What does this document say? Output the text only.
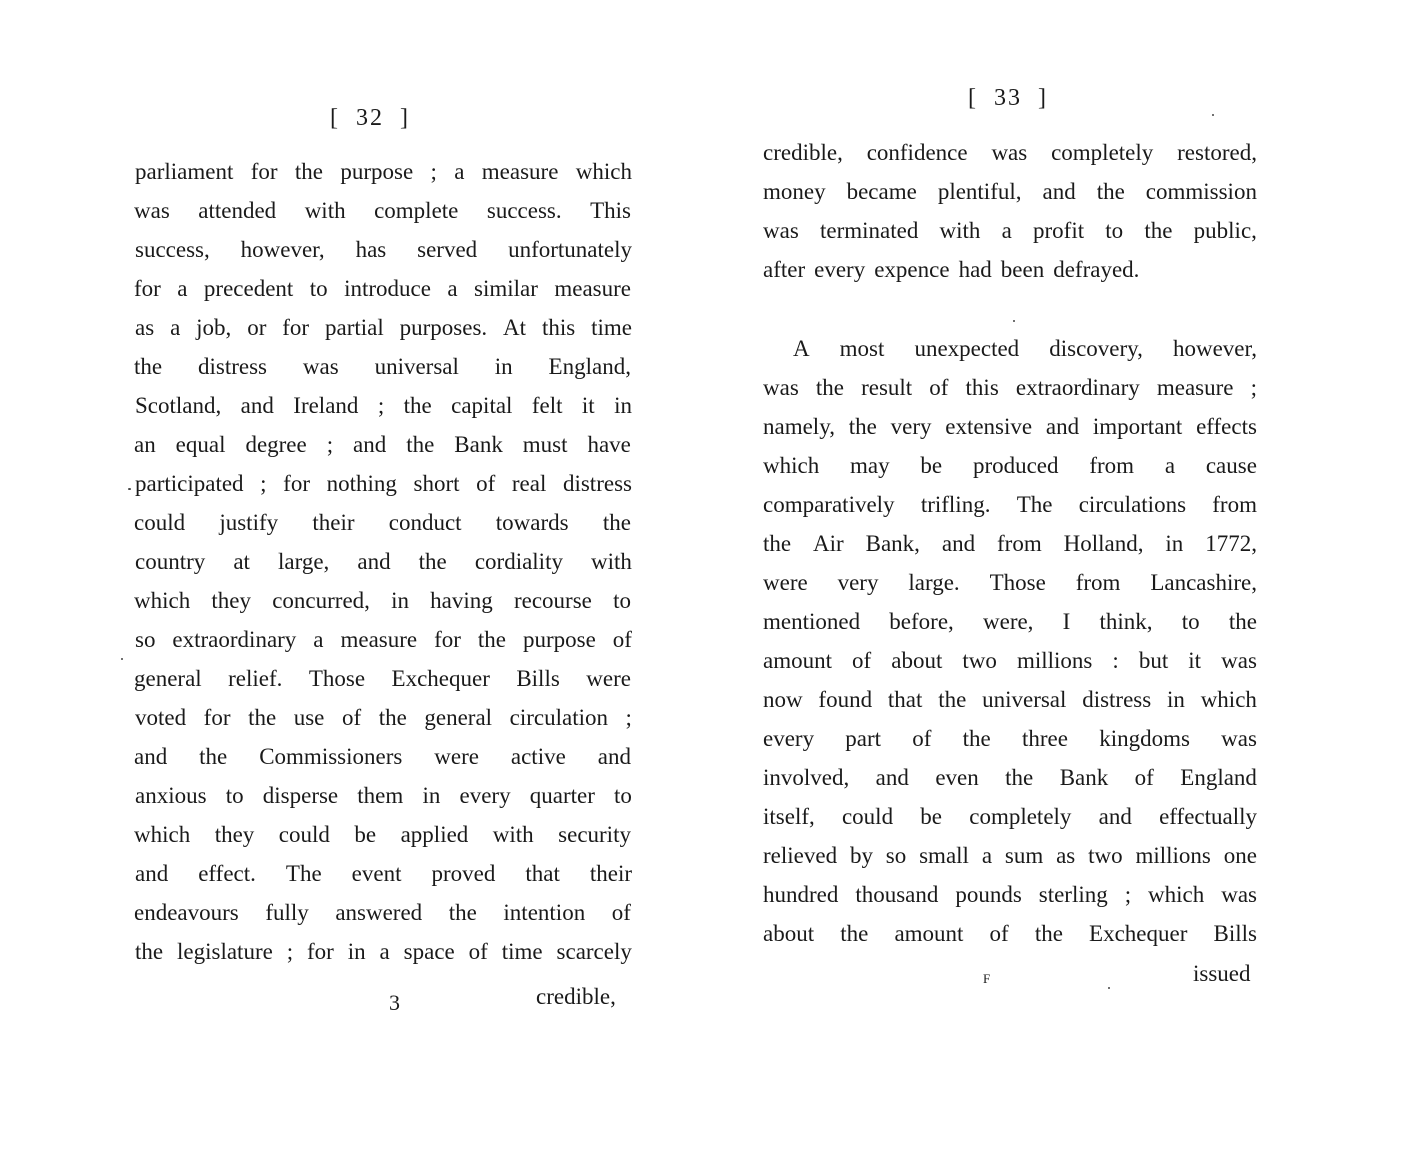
[  32  ]
parliament for the purpose ; a measure which
was attended with complete success. This
success, however, has served unfortunately
for a precedent to introduce a similar measure
as a job, or for partial purposes. At this time
the distress was universal in England,
Scotland, and Ireland ; the capital felt it in
an equal degree ; and the Bank must have
participated ; for nothing short of real distress
could justify their conduct towards the
country at large, and the cordiality with
which they concurred, in having recourse to
so extraordinary a measure for the purpose of
general relief. Those Exchequer Bills were
voted for the use of the general circulation ;
and the Commissioners were active and
anxious to disperse them in every quarter to
which they could be applied with security
and effect. The event proved that their
endeavours fully answered the intention of
the legislature ; for in a space of time scarcely
3	credible,
[  33  ]
credible, confidence was completely restored,
money became plentiful, and the commission
was terminated with a profit to the public,
after every expence had been defrayed.
A most unexpected discovery, however,
was the result of this extraordinary measure ;
namely, the very extensive and important effects
which may be produced from a cause
comparatively trifling. The circulations from
the Air Bank, and from Holland, in 1772,
were very large. Those from Lancashire,
mentioned before, were, I think, to the
amount of about two millions : but it was
now found that the universal distress in which
every part of the three kingdoms was
involved, and even the Bank of England
itself, could be completely and effectually
relieved by so small a sum as two millions one
hundred thousand pounds sterling ; which was
about the amount of the Exchequer Bills
F	issued
